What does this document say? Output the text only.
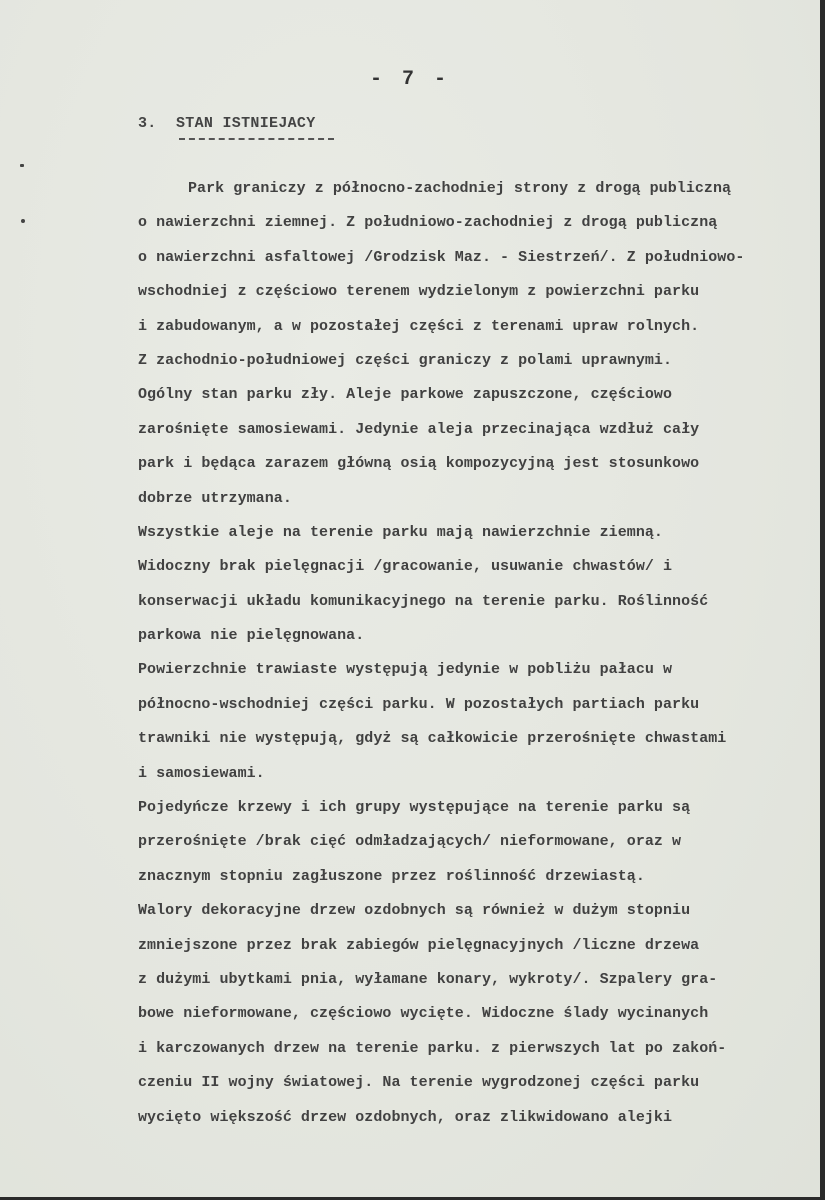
- 7 -
3. STAN ISTNIEJACY
Park graniczy z północno-zachodniej strony z drogą publiczną
o nawierzchni ziemnej. Z południowo-zachodniej z drogą publiczną
o nawierzchni asfaltowej /Grodzisk Maz. - Siestrzeń/. Z południowo-
wschodniej z częściowo terenem wydzielonym z powierzchni parku
i zabudowanym, a w pozostałej części z terenami upraw rolnych.
Z zachodnio-południowej części graniczy z polami uprawnymi.
Ogólny stan parku zły. Aleje parkowe zapuszczone, częściowo
zarośnięte samosiewami. Jedynie aleja przecinająca wzdłuż cały
park i będąca zarazem główną osią kompozycyjną jest stosunkowo
dobrze utrzymana.
Wszystkie aleje na terenie parku mają nawierzchnie ziemną.
Widoczny brak pielęgnacji /gracowanie, usuwanie chwastów/ i
konserwacji układu komunikacyjnego na terenie parku. Roślinność
parkowa nie pielęgnowana.
Powierzchnie trawiaste występują jedynie w pobliżu pałacu w
północno-wschodniej części parku. W pozostałych partiach parku
trawniki nie występują, gdyż są całkowicie przerośnięte chwastami
i samosiewami.
Pojedyńcze krzewy i ich grupy występujące na terenie parku są
przerośnięte /brak cięć odmładzających/ nieformowane, oraz w
znacznym stopniu zagłuszone przez roślinność drzewiastą.
Walory dekoracyjne drzew ozdobnych są również w dużym stopniu
zmniejszone przez brak zabiegów pielęgnacyjnych /liczne drzewa
z dużymi ubytkami pnia, wyłamane konary, wykroty/. Szpalery gra-
bowe nieformowane, częściowo wycięte. Widoczne ślady wycinanych
i karczowanych drzew na terenie parku. z pierwszych lat po zakoń-
czeniu II wojny światowej. Na terenie wygrodzonej części parku
wycięto większość drzew ozdobnych, oraz zlikwidowano alejki
